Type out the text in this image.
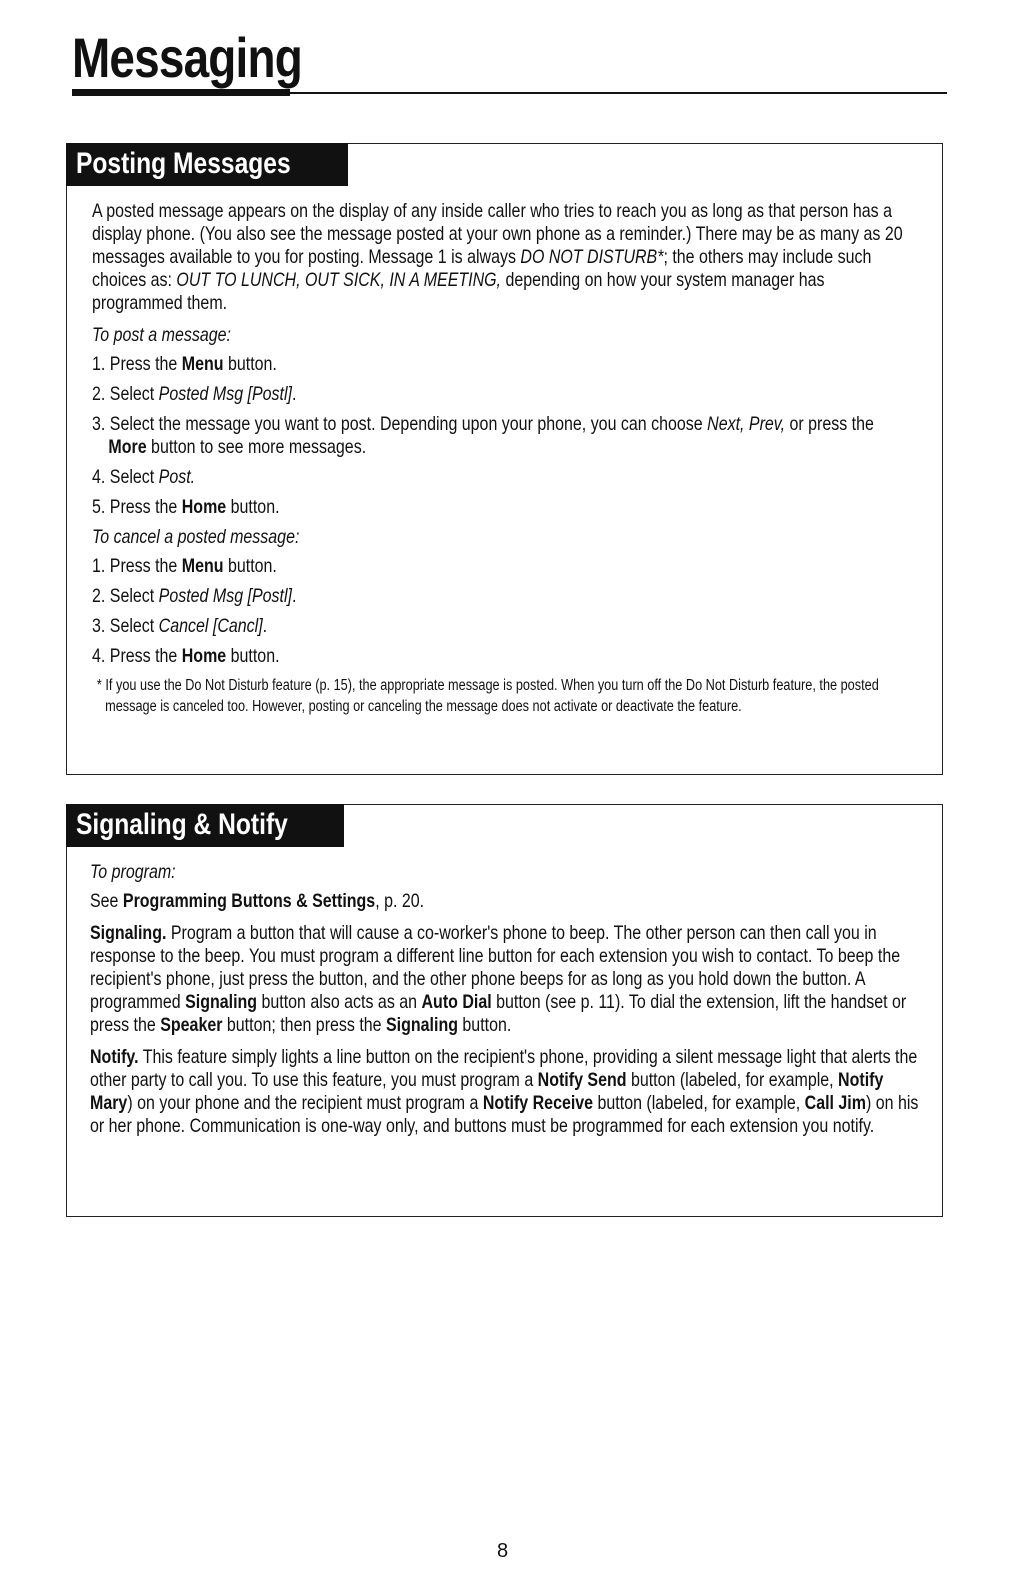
Messaging
Posting Messages

A posted message appears on the display of any inside caller who tries to reach you as long as that person has a display phone. (You also see the message posted at your own phone as a reminder.) There may be as many as 20 messages available to you for posting. Message 1 is always DO NOT DISTURB*; the others may include such choices as: OUT TO LUNCH, OUT SICK, IN A MEETING, depending on how your system manager has programmed them.

To post a message:

1. Press the Menu button.

2. Select Posted Msg [Postl].

3. Select the message you want to post. Depending upon your phone, you can choose Next, Prev, or press the More button to see more messages.

4. Select Post.

5. Press the Home button.

To cancel a posted message:

1. Press the Menu button.

2. Select Posted Msg [Postl].

3. Select Cancel [Cancl].

4. Press the Home button.

* If you use the Do Not Disturb feature (p. 15), the appropriate message is posted. When you turn off the Do Not Disturb feature, the posted message is canceled too. However, posting or canceling the message does not activate or deactivate the feature.

Signaling & Notify

To program:

See Programming Buttons & Settings, p. 20.

Signaling. Program a button that will cause a co-worker's phone to beep. The other person can then call you in response to the beep. You must program a different line button for each extension you wish to contact. To beep the recipient's phone, just press the button, and the other phone beeps for as long as you hold down the button. A programmed Signaling button also acts as an Auto Dial button (see p. 11). To dial the extension, lift the handset or press the Speaker button; then press the Signaling button.

Notify. This feature simply lights a line button on the recipient's phone, providing a silent message light that alerts the other party to call you. To use this feature, you must program a Notify Send button (labeled, for example, Notify Mary) on your phone and the recipient must program a Notify Receive button (labeled, for example, Call Jim) on his or her phone. Communication is one-way only, and buttons must be programmed for each extension you notify.

8
